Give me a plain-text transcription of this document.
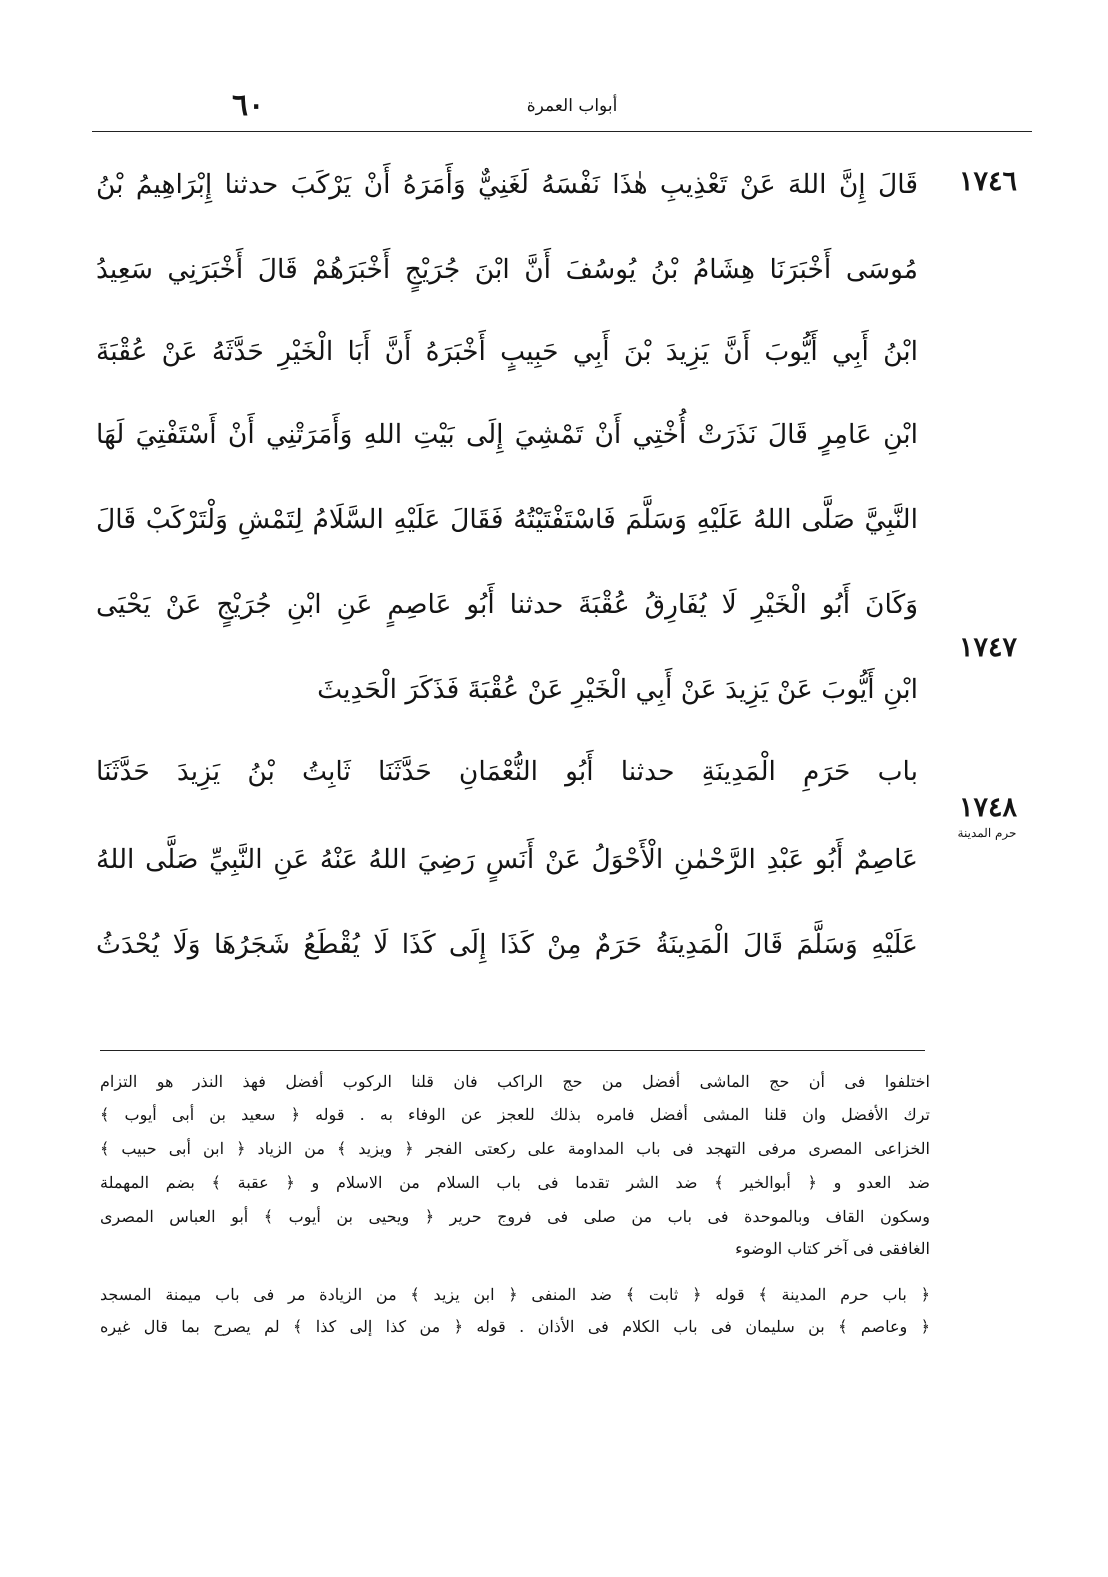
٦٠	أبواب العمرة
قَالَ إِنَّ اللهَ عَنْ تَعْذِيبِ هٰذَا نَفْسَهُ لَغَنِيٌّ وَأَمَرَهُ أَنْ يَرْكَبَ حدثنا إِبْرَاهِيمُ بْنُ
مُوسَى أَخْبَرَنَا هِشَامُ بْنُ يُوسُفَ أَنَّ ابْنَ جُرَيْجٍ أَخْبَرَهُمْ قَالَ أَخْبَرَنِي سَعِيدُ
ابْنُ أَبِي أَيُّوبَ أَنَّ يَزِيدَ بْنَ أَبِي حَبِيبٍ أَخْبَرَهُ أَنَّ أَبَا الْخَيْرِ حَدَّثَهُ عَنْ عُقْبَةَ
ابْنِ عَامِرٍ قَالَ نَذَرَتْ أُخْتِي أَنْ تَمْشِيَ إِلَى بَيْتِ اللهِ وَأَمَرَتْنِي أَنْ أَسْتَفْتِيَ لَهَا
النَّبِيَّ صَلَّى اللهُ عَلَيْهِ وَسَلَّمَ فَاسْتَفْتَيْتُهُ فَقَالَ عَلَيْهِ السَّلَامُ لِتَمْشِ وَلْتَرْكَبْ قَالَ
وَكَانَ أَبُو الْخَيْرِ لَا يُفَارِقُ عُقْبَةَ حدثنا أَبُو عَاصِمٍ عَنِ ابْنِ جُرَيْجٍ عَنْ يَحْيَى
ابْنِ أَيُّوبَ عَنْ يَزِيدَ عَنْ أَبِي الْخَيْرِ عَنْ عُقْبَةَ فَذَكَرَ الْحَدِيثَ
باب حَرَمِ الْمَدِينَةِ حدثنا أَبُو النُّعْمَانِ حَدَّثَنَا ثَابِتُ بْنُ يَزِيدَ حَدَّثَنَا
عَاصِمٌ أَبُو عَبْدِ الرَّحْمٰنِ الْأَحْوَلُ عَنْ أَنَسٍ رَضِيَ اللهُ عَنْهُ عَنِ النَّبِيِّ صَلَّى اللهُ
عَلَيْهِ وَسَلَّمَ قَالَ الْمَدِينَةُ حَرَمٌ مِنْ كَذَا إِلَى كَذَا لَا يُقْطَعُ شَجَرُهَا وَلَا يُحْدَثُ
١٧٤٦
١٧٤٧
١٧٤٨
حرم المدينة
اختلفوا فى أن حج الماشى أفضل من حج الراكب فان قلنا الركوب أفضل فهذ النذر هو التزام
ترك الأفضل وان قلنا المشى أفضل فامره بذلك للعجز عن الوفاء به . قوله ﴿ سعيد بن أبى أيوب ﴾
الخزاعى المصرى مرفى التهجد فى باب المداومة على ركعتى الفجر ﴿ ويزيد ﴾ من الزياد ﴿ ابن أبى حبيب ﴾
ضد العدو و ﴿ أبوالخير ﴾ ضد الشر تقدما فى باب السلام من الاسلام و ﴿ عقبة ﴾ بضم المهملة
وسكون القاف وبالموحدة فى باب من صلى فى فروج حرير ﴿ ويحيى بن أيوب ﴾ أبو العباس المصرى
الغافقى فى آخر كتاب الوضوء
﴿ باب حرم المدينة ﴾ قوله ﴿ ثابت ﴾ ضد المنفى ﴿ ابن يزيد ﴾ من الزيادة مر فى باب ميمنة المسجد
﴿ وعاصم ﴾ بن سليمان فى باب الكلام فى الأذان . قوله ﴿ من كذا إلى كذا ﴾ لم يصرح بما قال غيره
